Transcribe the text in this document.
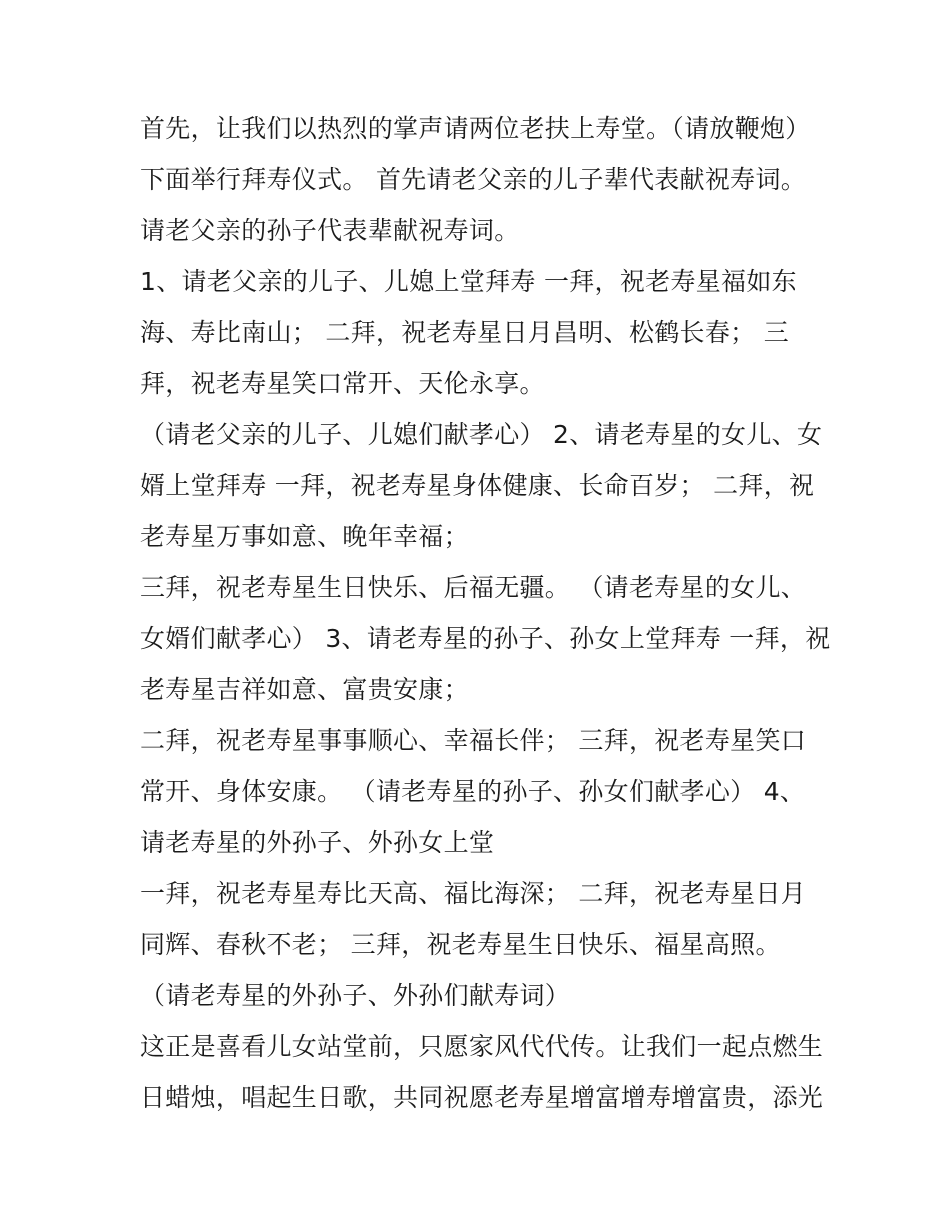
首先，让我们以热烈的掌声请两位老扶上寿堂。（请放鞭炮）
下面举行拜寿仪式。 首先请老父亲的儿子辈代表献祝寿词。
请老父亲的孙子代表辈献祝寿词。
1、请老父亲的儿子、儿媳上堂拜寿 一拜，祝老寿星福如东
海、寿比南山； 二拜，祝老寿星日月昌明、松鹤长春； 三
拜，祝老寿星笑口常开、天伦永享。
（请老父亲的儿子、儿媳们献孝心） 2、请老寿星的女儿、女
婿上堂拜寿 一拜，祝老寿星身体健康、长命百岁； 二拜，祝
老寿星万事如意、晚年幸福；
三拜，祝老寿星生日快乐、后福无疆。 （请老寿星的女儿、
女婿们献孝心） 3、请老寿星的孙子、孙女上堂拜寿 一拜，祝
老寿星吉祥如意、富贵安康；
二拜，祝老寿星事事顺心、幸福长伴； 三拜，祝老寿星笑口
常开、身体安康。 （请老寿星的孙子、孙女们献孝心） 4、
请老寿星的外孙子、外孙女上堂
一拜，祝老寿星寿比天高、福比海深； 二拜，祝老寿星日月
同辉、春秋不老； 三拜，祝老寿星生日快乐、福星高照。
（请老寿星的外孙子、外孙们献寿词）
这正是喜看儿女站堂前，只愿家风代代传。让我们一起点燃生
日蜡烛，唱起生日歌，共同祝愿老寿星增富增寿增富贵，添光
